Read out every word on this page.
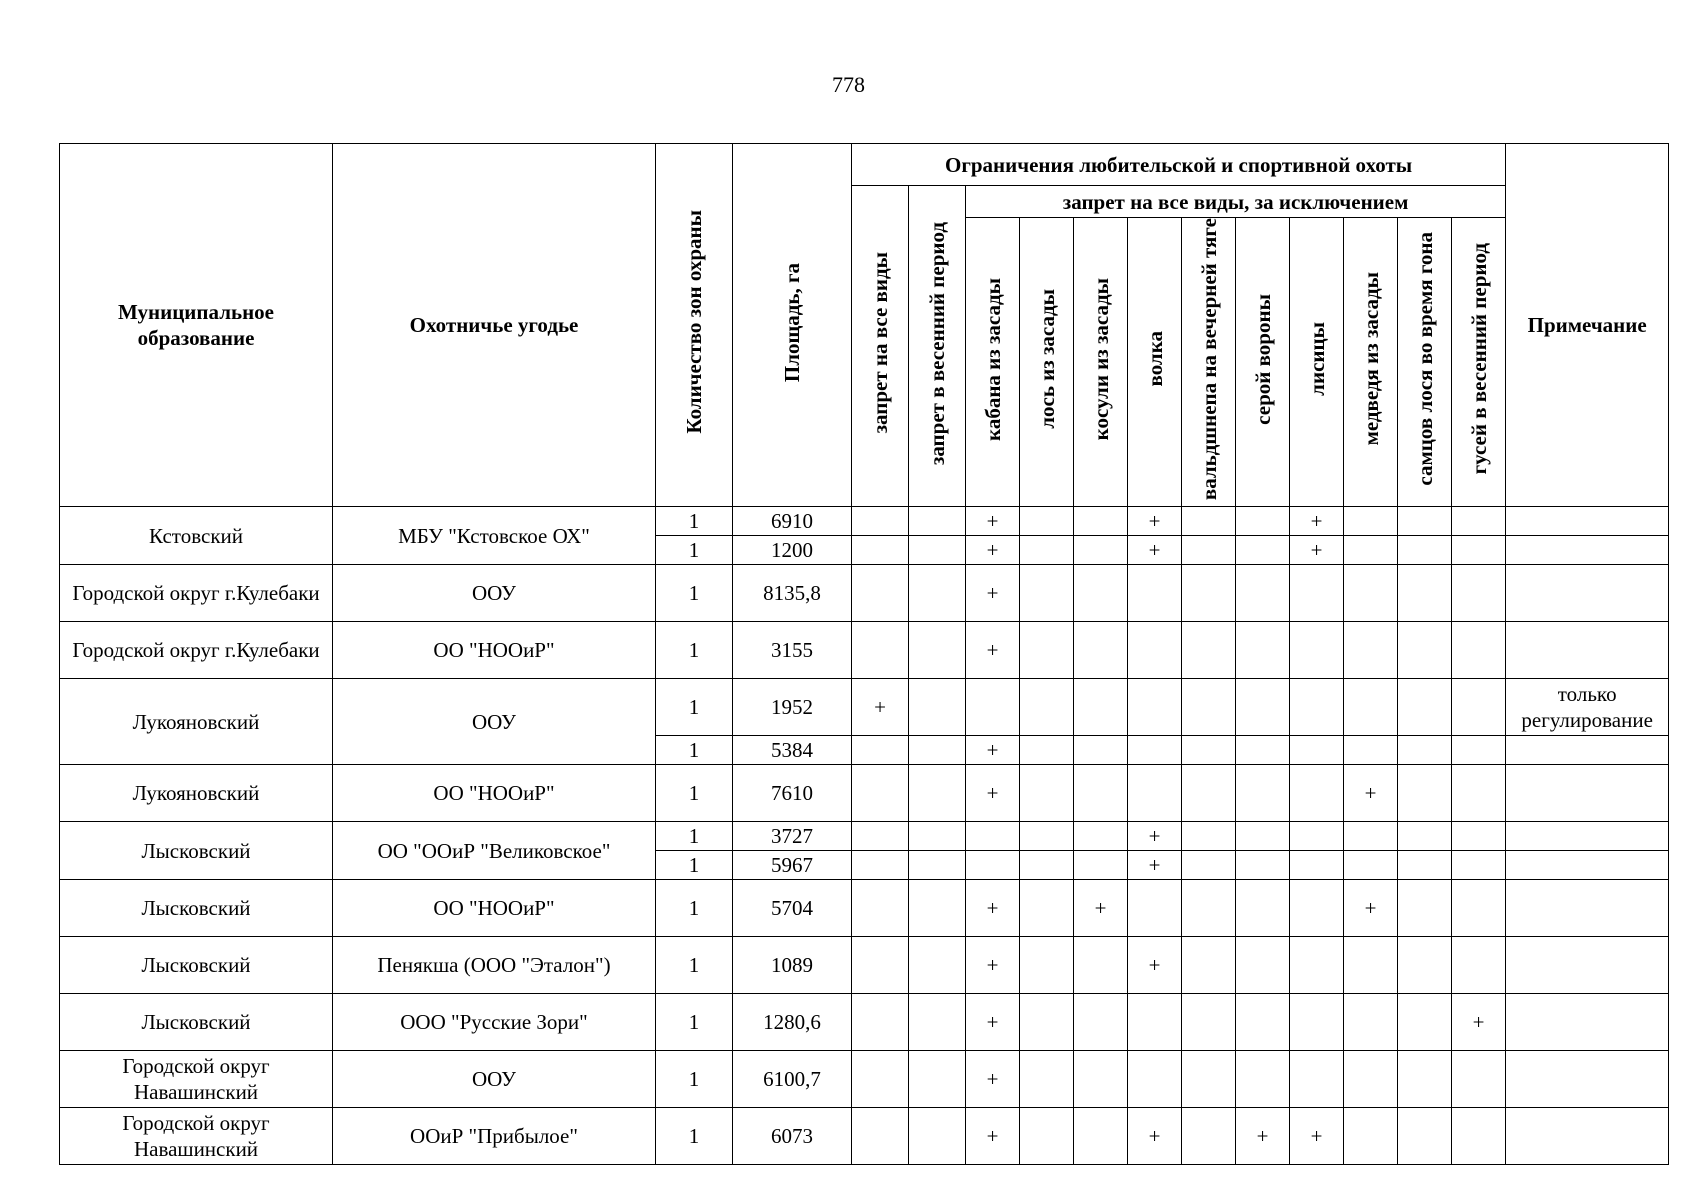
778
Муниципальное образование	Охотничье угодье	Количество зон охраны	Площадь, га	Ограничения любительской и спортивной охоты												Примечание
				запрет на все виды	запрет в весенний период	запрет на все виды, за исключением										
						кабана из засады	лось из засады	косули из засады	волка	вальдшнепа на вечерней тяге	серой вороны	лисицы	медведя из засады	самцов лося во время гона	гусей в весенний период	
Кстовский	МБУ "Кстовское ОХ"	1	6910			+			+			+				
		1	1200			+			+			+				
Городской округ г.Кулебаки	ООУ	1	8135,8			+										
Городской округ г.Кулебаки	ОО "НООиР"	1	3155			+										
Лукояновский	ООУ	1	1952	+												только регулирование
		1	5384			+										
Лукояновский	ОО "НООиР"	1	7610			+							+			
Лысковский	ОО "ООиР "Великовское"	1	3727						+							
		1	5967						+							
Лысковский	ОО "НООиР"	1	5704			+		+					+			
Лысковский	Пенякша (ООО "Эталон")	1	1089			+			+							
Лысковский	ООО "Русские Зори"	1	1280,6			+									+	
Городской округ Навашинский	ООУ	1	6100,7			+										
Городской округ Навашинский	ООиР "Прибылое"	1	6073			+			+		+	+				
